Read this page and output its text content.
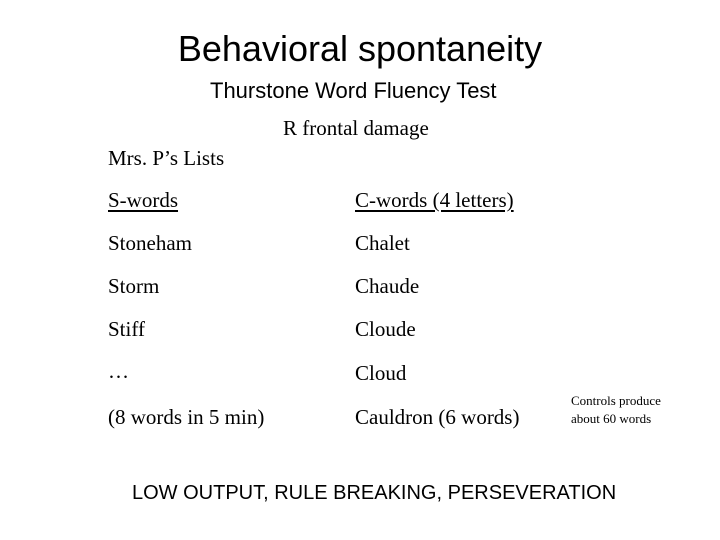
Behavioral spontaneity
Thurstone Word Fluency Test
R frontal damage
Mrs. P’s Lists
S-words
Stoneham
Storm
Stiff
…
(8 words in 5 min)
C-words (4 letters)
Chalet
Chaude
Cloude
Cloud
Cauldron (6 words)
Controls produce
about 60 words
LOW OUTPUT, RULE BREAKING, PERSEVERATION
